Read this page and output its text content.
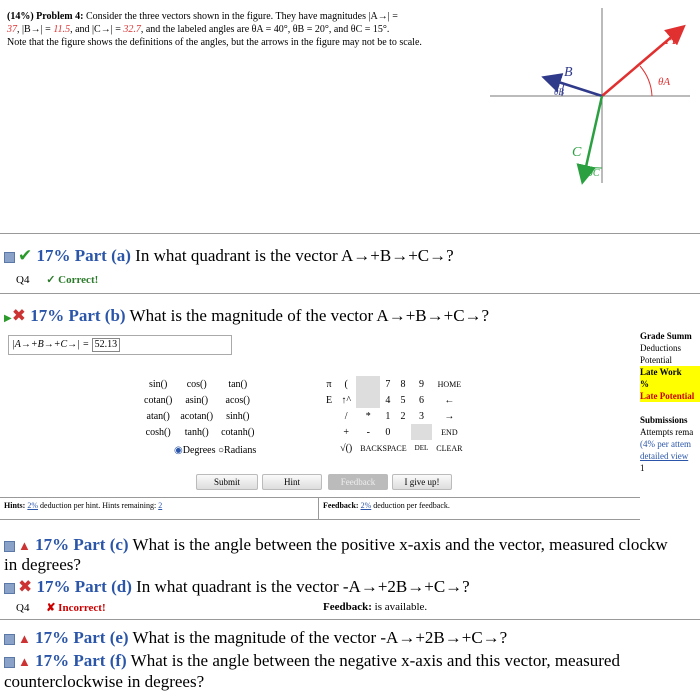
(14%) Problem 4: Consider the three vectors shown in the figure. They have magnitudes |A→| =
37, |B→| = 11.5, and |C→| = 32.7, and the labeled angles are θA = 40°, θB = 20°, and θC = 15°.
Note that the figure shows the definitions of the angles, but the arrows in the figure may not be to scale.	A
θA
B
θB
C
θC
✔ 17% Part (a) In what quadrant is the vector A→+B→+C→?
Q4 ✓ Correct!
▶✖ 17% Part (b) What is the magnitude of the vector A→+B→+C→?
|A→+B→+C→| = 52.13
Grade Summ
Deductions
Potential

Late Work
%
Late Potential

Submissions
Attempts rema
(4% per attem
detailed view
1
sin()	cos()	tan()
cotan()	asin()	acos()
atan()	acotan()	sinh()
cosh()	tanh()	cotanh()
◉Degrees ○Radians
π	(		7	8	9	HOME
E	↑^		4	5	6	←
	/	*	1	2	3	→
	+	-	0			END
	√()	BACKSPACE			DEL	CLEAR
Submit	Hint	Feedback	I give up!
Hints: 2% deduction per hint. Hints remaining: 2	Feedback: 2% deduction per feedback.
▲ 17% Part (c) What is the angle between the positive x-axis and the vector, measured clockw
in degrees?
✖ 17% Part (d) In what quadrant is the vector -A→+2B→+C→?
Q4 ✘ Incorrect!	Feedback: is available.
▲ 17% Part (e) What is the magnitude of the vector -A→+2B→+C→?
▲ 17% Part (f) What is the angle between the negative x-axis and this vector, measured
counterclockwise in degrees?
